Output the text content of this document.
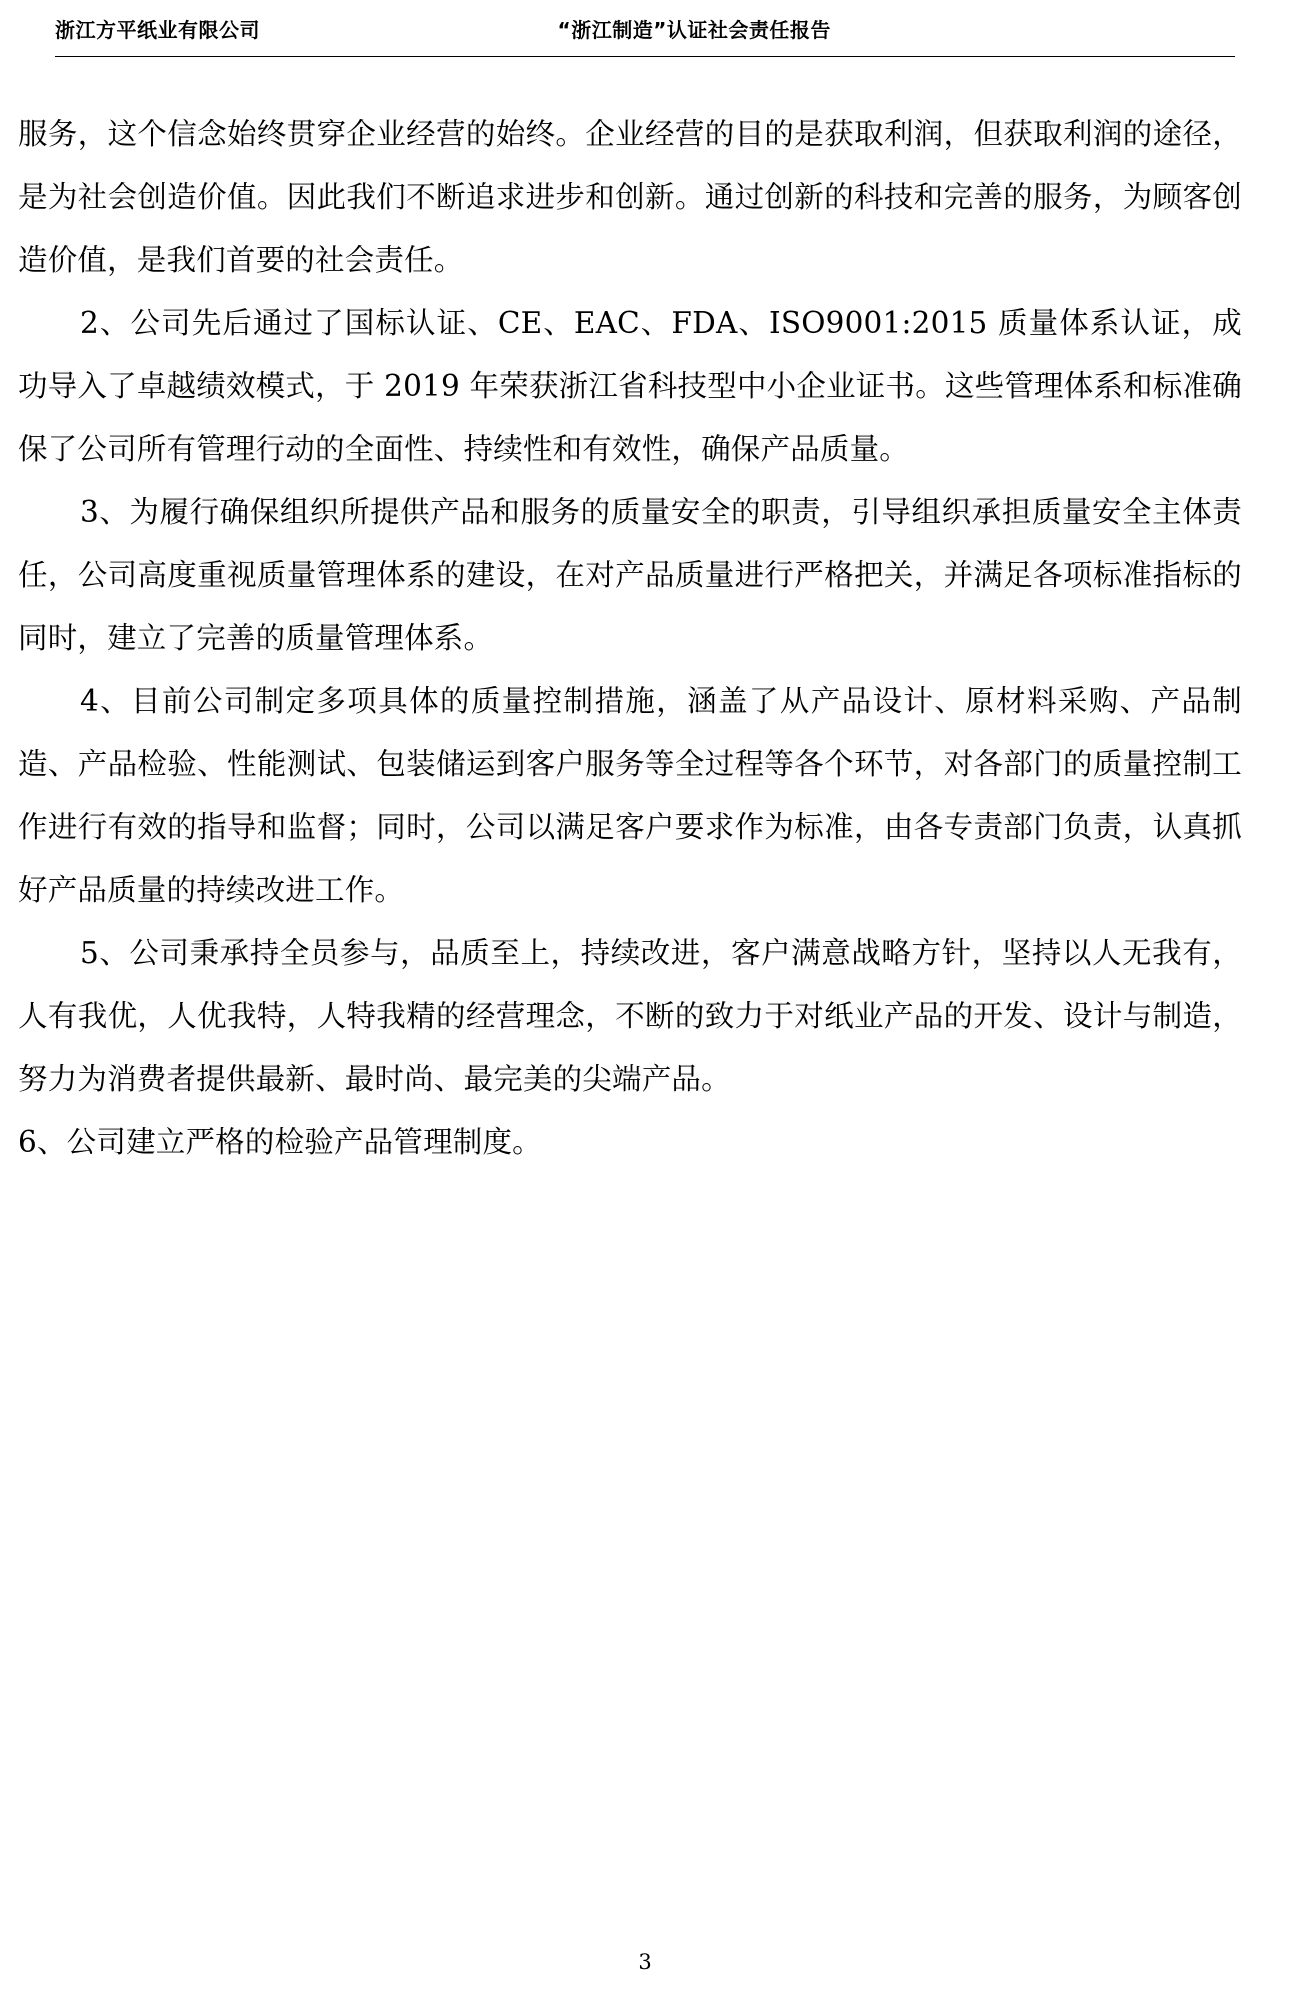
浙江方平纸业有限公司	“浙江制造”认证社会责任报告

服务，这个信念始终贯穿企业经营的始终。企业经营的目的是获取利润，但获取利润的途径，是为社会创造价值。因此我们不断追求进步和创新。通过创新的科技和完善的服务，为顾客创造价值，是我们首要的社会责任。

2、公司先后通过了国标认证、CE、EAC、FDA、ISO9001:2015 质量体系认证，成功导入了卓越绩效模式，于 2019 年荣获浙江省科技型中小企业证书。这些管理体系和标准确保了公司所有管理行动的全面性、持续性和有效性，确保产品质量。

3、为履行确保组织所提供产品和服务的质量安全的职责，引导组织承担质量安全主体责任，公司高度重视质量管理体系的建设，在对产品质量进行严格把关，并满足各项标准指标的同时，建立了完善的质量管理体系。

4、目前公司制定多项具体的质量控制措施，涵盖了从产品设计、原材料采购、产品制造、产品检验、性能测试、包装储运到客户服务等全过程等各个环节，对各部门的质量控制工作进行有效的指导和监督；同时，公司以满足客户要求作为标准，由各专责部门负责，认真抓好产品质量的持续改进工作。

5、公司秉承持全员参与，品质至上，持续改进，客户满意战略方针，坚持以人无我有，人有我优，人优我特，人特我精的经营理念，不断的致力于对纸业产品的开发、设计与制造，努力为消费者提供最新、最时尚、最完美的尖端产品。

6、公司建立严格的检验产品管理制度。

3
